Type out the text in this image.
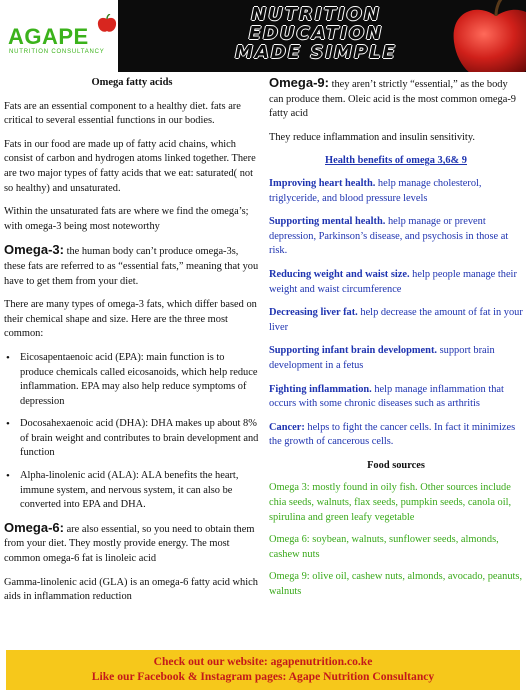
AGAPE
NUTRITION CONSULTANCY
NUTRITION
EDUCATION
MADE SIMPLE
Omega fatty acids

Fats are an essential component to a healthy diet. fats are critical to several essential functions in our bodies.

Fats in our food are made up of fatty acid chains, which consist of carbon and hydrogen atoms linked together. There are two major types of fatty acids that we eat: saturated( not so healthy) and unsaturated.

Within the unsaturated fats are where we find the omega’s; with omega-3 being most noteworthy

Omega-3: the human body can’t produce omega-3s, these fats are referred to as “essential fats,” meaning that you have to get them from your diet.

There are many types of omega-3 fats, which differ based on their chemical shape and size. Here are the three most common:

• Eicosapentaenoic acid (EPA): main function is to produce chemicals called eicosanoids, which help reduce inflammation. EPA may also help reduce symptoms of depression
• Docosahexaenoic acid (DHA): DHA makes up about 8% of brain weight and contributes to brain development and function
• Alpha-linolenic acid (ALA): ALA benefits the heart, immune system, and nervous system, it can also be converted into EPA and DHA.

Omega-6: are also essential, so you need to obtain them from your diet. They mostly provide energy. The most common omega-6 fat is linoleic acid

Gamma-linolenic acid (GLA) is an omega-6 fatty acid which aids in inflammation reduction

Omega-9: they aren’t strictly “essential,” as the body can produce them. Oleic acid is the most common omega-9 fatty acid

They reduce inflammation and insulin sensitivity.

Health benefits of omega 3,6& 9
Improving heart health. help manage cholesterol, triglyceride, and blood pressure levels
Supporting mental health. help manage or prevent depression, Parkinson’s disease, and psychosis in those at risk.
Reducing weight and waist size. help people manage their weight and waist circumference
Decreasing liver fat. help decrease the amount of fat in your liver
Supporting infant brain development. support brain development in a fetus
Fighting inflammation. help manage inflammation that occurs with some chronic diseases such as arthritis
Cancer: helps to fight the cancer cells. In fact it minimizes the growth of cancerous cells.
Food sources
Omega 3: mostly found in oily fish. Other sources include chia seeds, walnuts, flax seeds, pumpkin seeds, canola oil, spirulina and green leafy vegetable
Omega 6: soybean, walnuts, sunflower seeds, almonds, cashew nuts
Omega 9: olive oil, cashew nuts, almonds, avocado, peanuts, walnuts
Check out our website: agapenutrition.co.ke
Like our Facebook & Instagram pages: Agape Nutrition Consultancy
